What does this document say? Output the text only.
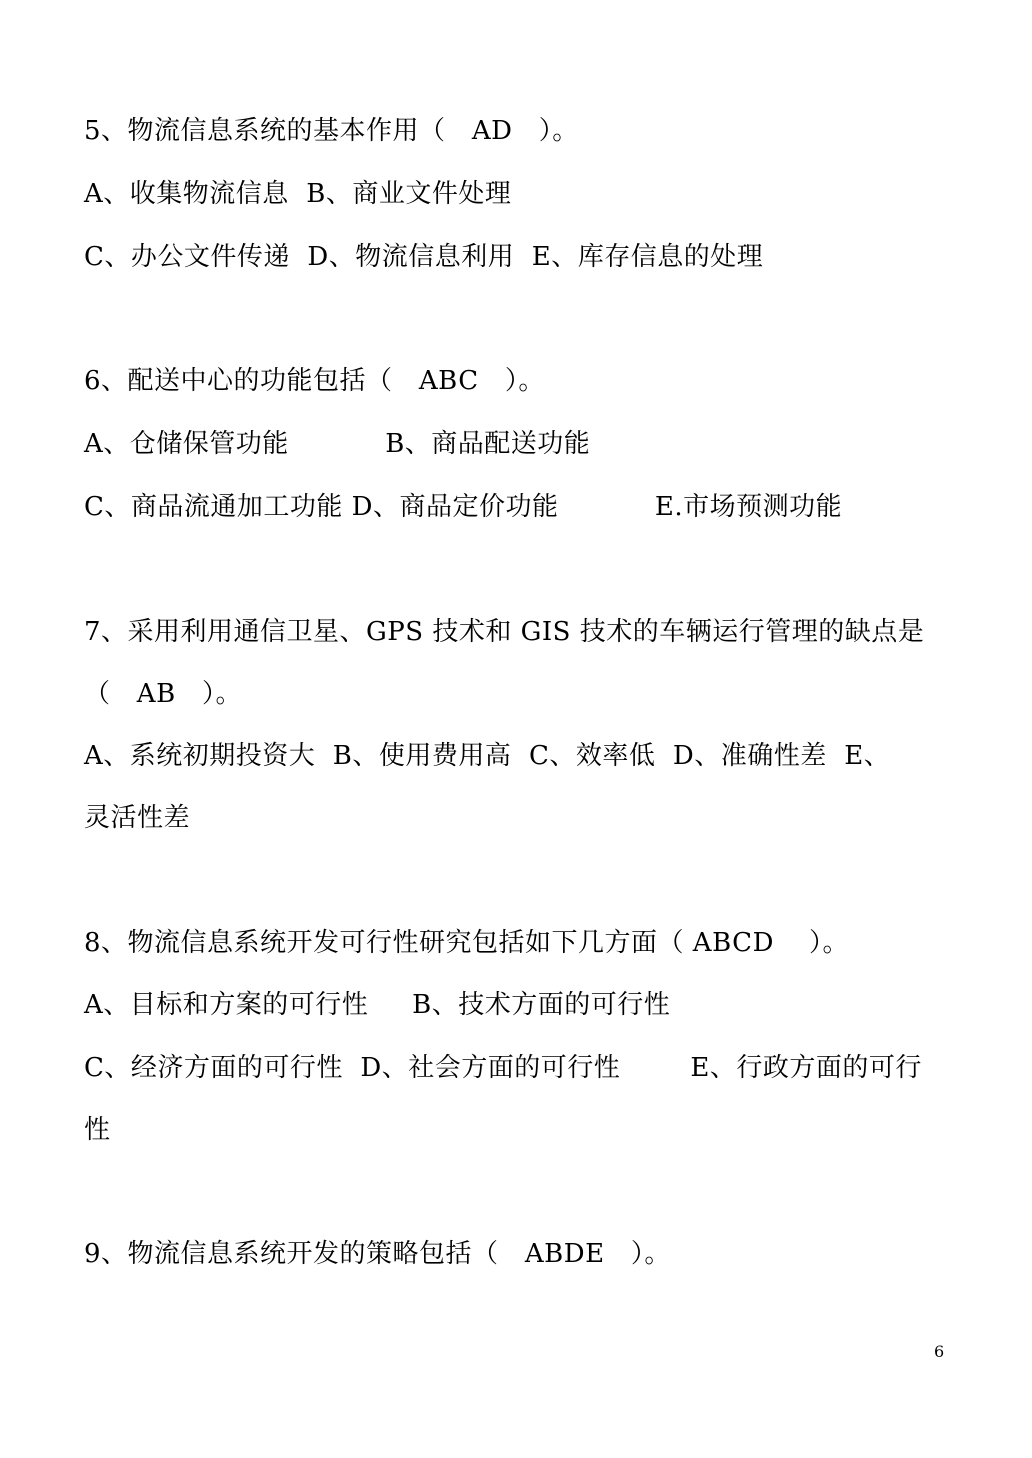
5、物流信息系统的基本作用（   AD   ）。
A、收集物流信息  B、商业文件处理
C、办公文件传递  D、物流信息利用  E、库存信息的处理
6、配送中心的功能包括（   ABC   ）。
A、仓储保管功能           B、商品配送功能
C、商品流通加工功能 D、商品定价功能           E.市场预测功能
7、采用利用通信卫星、GPS 技术和 GIS 技术的车辆运行管理的缺点是
（   AB   ）。
A、系统初期投资大  B、使用费用高  C、效率低  D、准确性差  E、
灵活性差
8、物流信息系统开发可行性研究包括如下几方面（ ABCD    ）。
A、目标和方案的可行性     B、技术方面的可行性
C、经济方面的可行性  D、社会方面的可行性        E、行政方面的可行
性
9、物流信息系统开发的策略包括（   ABDE   ）。
6
